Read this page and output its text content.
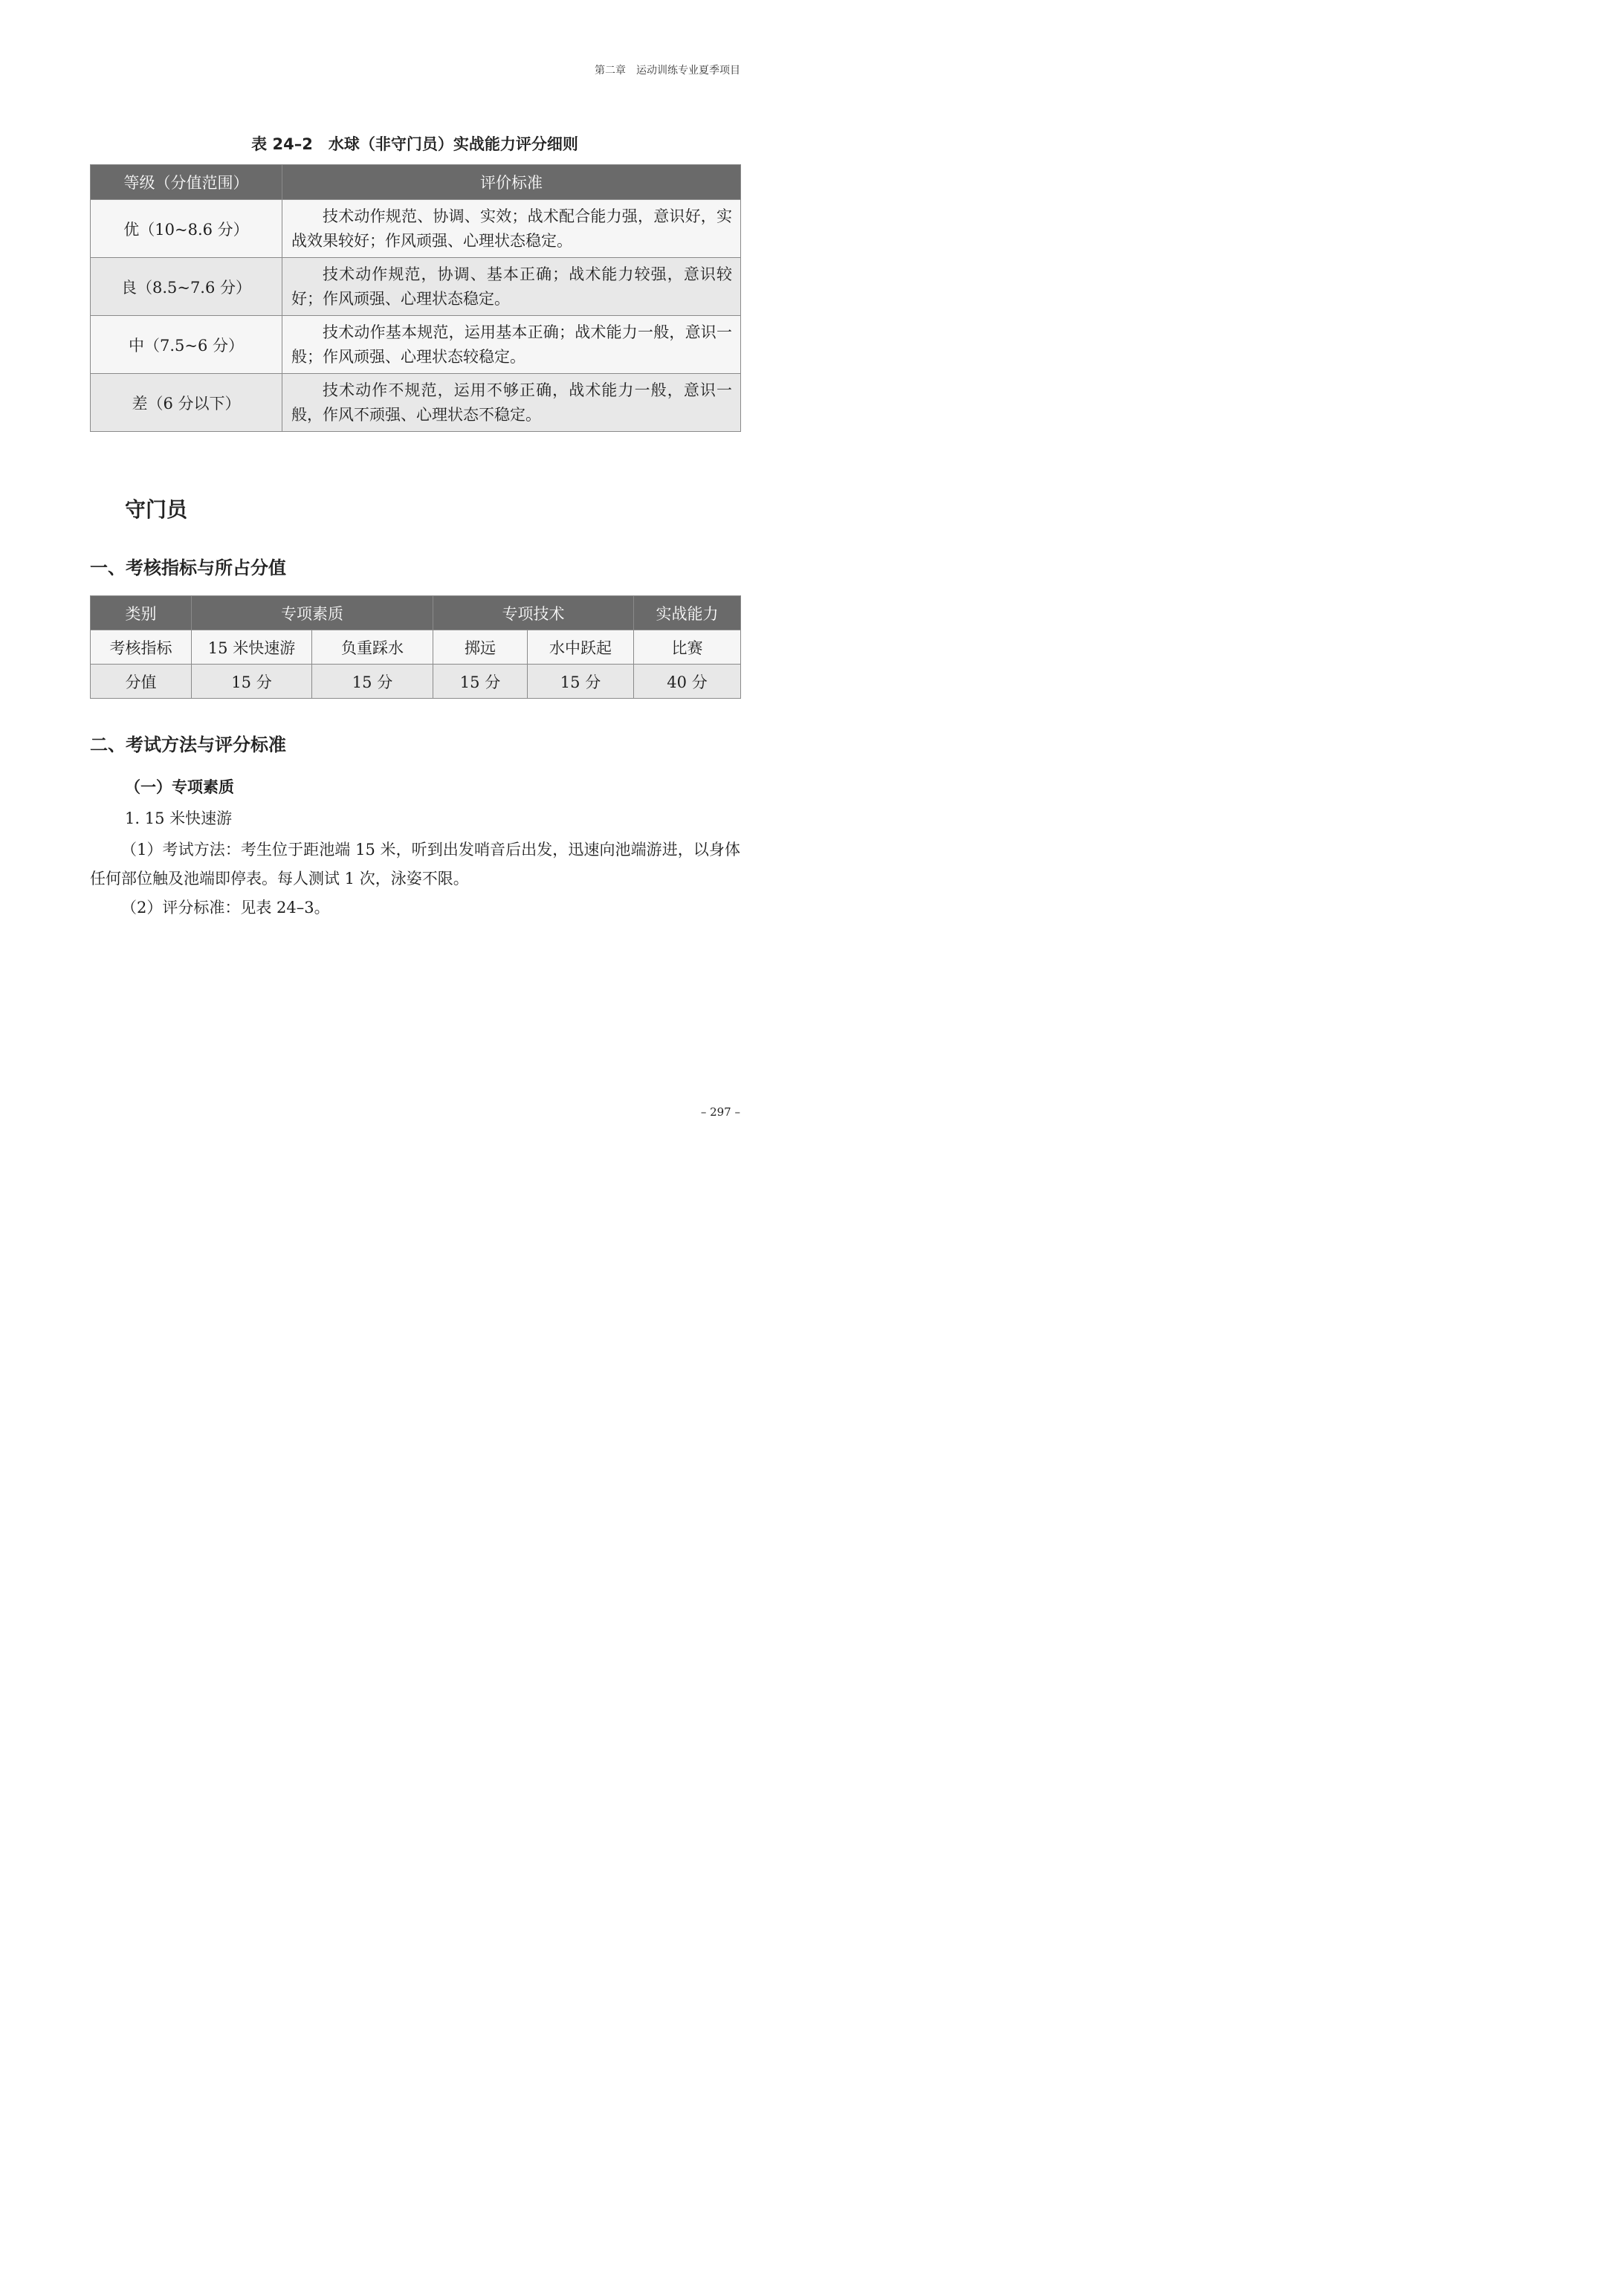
第二章　运动训练专业夏季项目
表 24–2　水球（非守门员）实战能力评分细则
等级（分值范围）	评价标准
优（10~8.6 分）	技术动作规范、协调、实效；战术配合能力强，意识好，实战效果较好；作风顽强、心理状态稳定。

良（8.5~7.6 分）	技术动作规范，协调、基本正确；战术能力较强，意识较好；作风顽强、心理状态稳定。

中（7.5~6 分）	技术动作基本规范，运用基本正确；战术能力一般，意识一般；作风顽强、心理状态较稳定。

差（6 分以下）	技术动作不规范，运用不够正确，战术能力一般，意识一般，作风不顽强、心理状态不稳定。
守门员
一、考核指标与所占分值
类别	专项素质		专项技术		实战能力
考核指标	15 米快速游	负重踩水	掷远	水中跃起	比赛
分值	15 分	15 分	15 分	15 分	40 分
二、考试方法与评分标准
（一）专项素质
1. 15 米快速游
（1）考试方法：考生位于距池端 15 米，听到出发哨音后出发，迅速向池端游进，以身体任何部位触及池端即停表。每人测试 1 次，泳姿不限。
（2）评分标准：见表 24–3。
– 297 –
